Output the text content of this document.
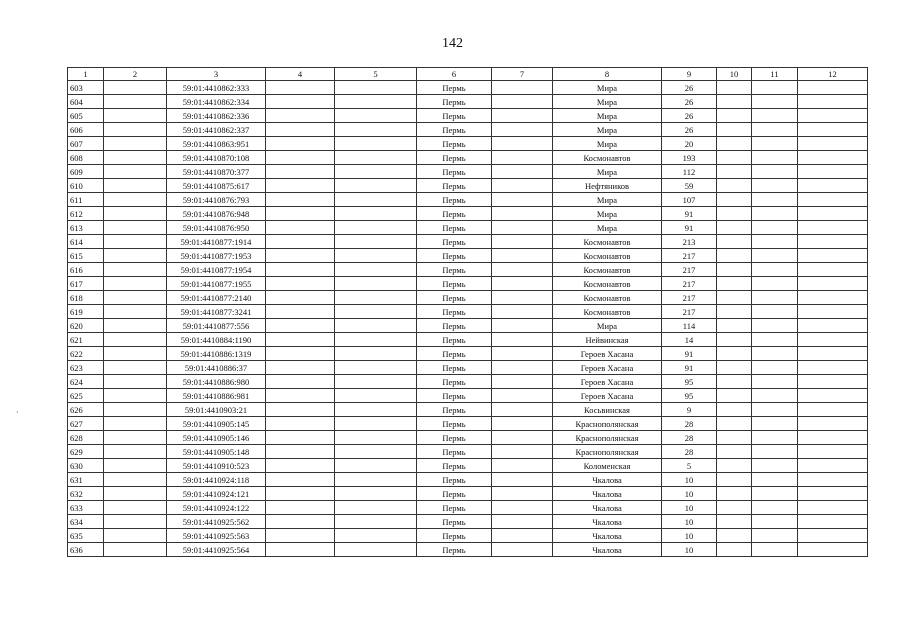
142
1	2	3	4	5	6	7	8	9	10	11	12
603		59:01:4410862:333			Пермь		Мира	26			
604		59:01:4410862:334			Пермь		Мира	26			
605		59:01:4410862:336			Пермь		Мира	26			
606		59:01:4410862:337			Пермь		Мира	26			
607		59:01:4410863:951			Пермь		Мира	20			
608		59:01:4410870:108			Пермь		Космонавтов	193			
609		59:01:4410870:377			Пермь		Мира	112			
610		59:01:4410875:617			Пермь		Нефтяников	59			
611		59:01:4410876:793			Пермь		Мира	107			
612		59:01:4410876:948			Пермь		Мира	91			
613		59:01:4410876:950			Пермь		Мира	91			
614		59:01:4410877:1914			Пермь		Космонавтов	213			
615		59:01:4410877:1953			Пермь		Космонавтов	217			
616		59:01:4410877:1954			Пермь		Космонавтов	217			
617		59:01:4410877:1955			Пермь		Космонавтов	217			
618		59:01:4410877:2140			Пермь		Космонавтов	217			
619		59:01:4410877:3241			Пермь		Космонавтов	217			
620		59:01:4410877:556			Пермь		Мира	114			
621		59:01:4410884:1190			Пермь		Нейвинская	14			
622		59:01:4410886:1319			Пермь		Героев Хасана	91			
623		59:01:4410886:37			Пермь		Героев Хасана	91			
624		59:01:4410886:980			Пермь		Героев Хасана	95			
625		59:01:4410886:981			Пермь		Героев Хасана	95			
626		59:01:4410903:21			Пермь		Косьвинская	9			
627		59:01:4410905:145			Пермь		Краснополянская	28			
628		59:01:4410905:146			Пермь		Краснополянская	28			
629		59:01:4410905:148			Пермь		Краснополянская	28			
630		59:01:4410910:523			Пермь		Коломенская	5			
631		59:01:4410924:118			Пермь		Чкалова	10			
632		59:01:4410924:121			Пермь		Чкалова	10			
633		59:01:4410924:122			Пермь		Чкалова	10			
634		59:01:4410925:562			Пермь		Чкалова	10			
635		59:01:4410925:563			Пермь		Чкалова	10			
636		59:01:4410925:564			Пермь		Чкалова	10			
·
